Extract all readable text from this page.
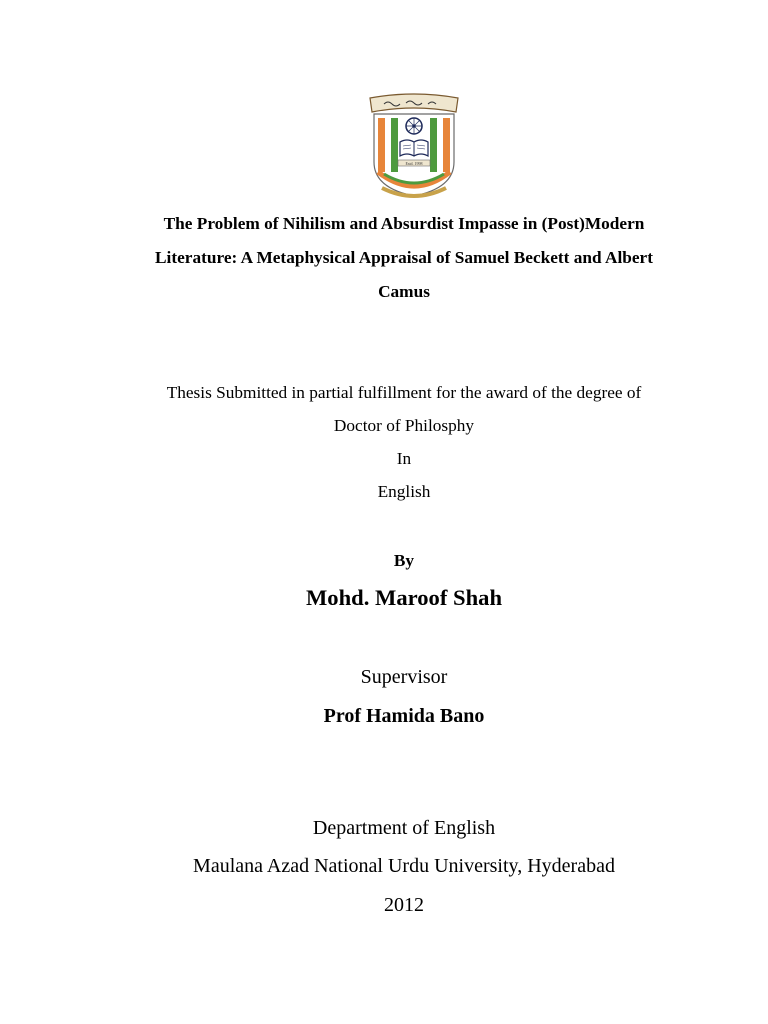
Estd. 1998
The Problem of Nihilism and Absurdist Impasse in (Post)Modern
Literature: A Metaphysical Appraisal of Samuel Beckett and Albert
Camus
Thesis Submitted in partial fulfillment for the award of the degree of
Doctor of Philosphy
In
English
By
Mohd. Maroof Shah
Supervisor
Prof Hamida Bano
Department of English
Maulana Azad National Urdu University, Hyderabad
2012
